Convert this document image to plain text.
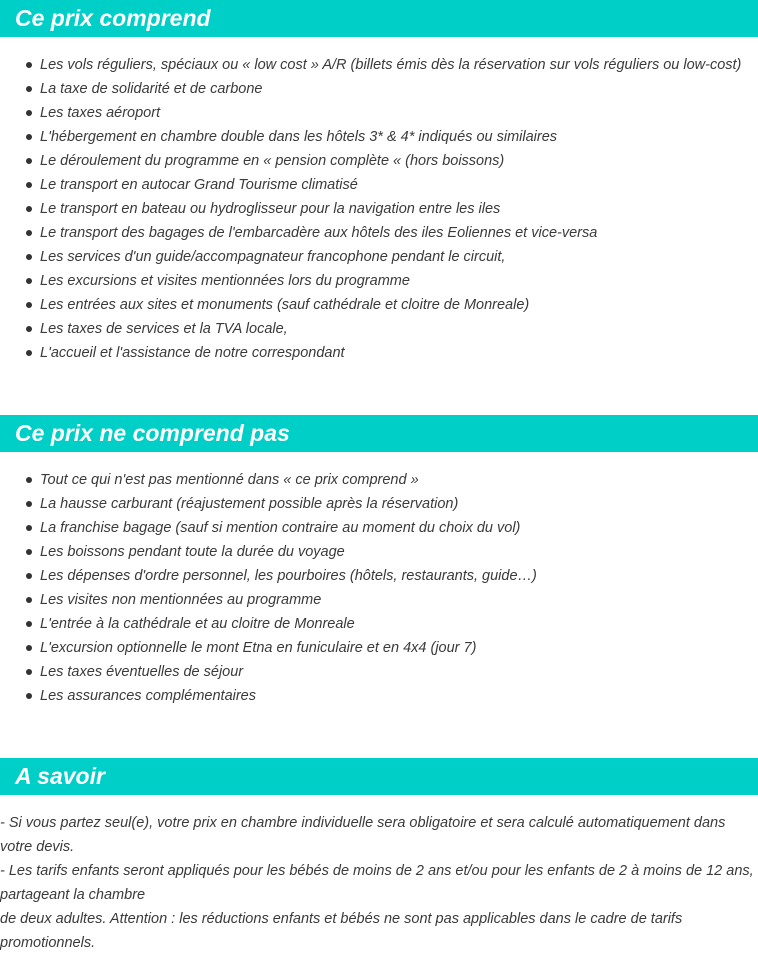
Ce prix comprend
Les vols réguliers, spéciaux ou « low cost » A/R (billets émis dès la réservation sur vols réguliers ou low-cost)
La taxe de solidarité et de carbone
Les taxes aéroport
L'hébergement en chambre double dans les hôtels 3* & 4* indiqués ou similaires
Le déroulement du programme en « pension complète « (hors boissons)
Le transport en autocar Grand Tourisme climatisé
Le transport en bateau ou hydroglisseur pour la navigation entre les iles
Le transport des bagages de l'embarcadère aux hôtels des iles Eoliennes et vice-versa
Les services d'un guide/accompagnateur francophone pendant le circuit,
Les excursions et visites mentionnées lors du programme
Les entrées aux sites et monuments (sauf cathédrale et cloitre de Monreale)
Les taxes de services et la TVA locale,
L'accueil et l'assistance de notre correspondant
Ce prix ne comprend pas
Tout ce qui n'est pas mentionné dans « ce prix comprend »
La hausse carburant (réajustement possible après la réservation)
La franchise bagage (sauf si mention contraire au moment du choix du vol)
Les boissons pendant toute la durée du voyage
Les dépenses d'ordre personnel, les pourboires (hôtels, restaurants, guide…)
Les visites non mentionnées au programme
L'entrée à la cathédrale et au cloitre de Monreale
L'excursion optionnelle le mont Etna en funiculaire et en 4x4 (jour 7)
Les taxes éventuelles de séjour
Les assurances complémentaires
A savoir

- Si vous partez seul(e), votre prix en chambre individuelle sera obligatoire et sera calculé automatiquement dans votre devis.

- Les tarifs enfants seront appliqués pour les bébés de moins de 2 ans et/ou pour les enfants de 2 à moins de 12 ans, partageant la chambre

de deux adultes. Attention : les réductions enfants et bébés ne sont pas applicables dans le cadre de tarifs promotionnels.
